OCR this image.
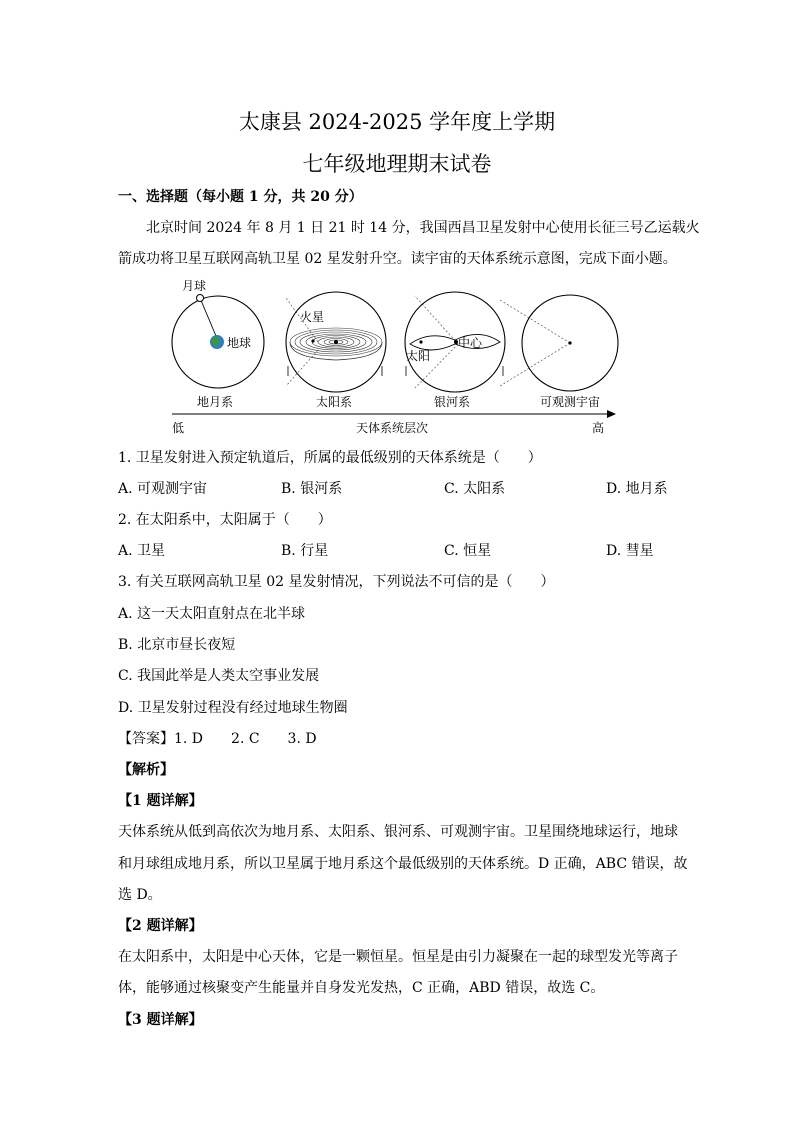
太康县 2024-2025 学年度上学期
七年级地理期末试卷
一、选择题（每小题 1 分，共 20 分）
北京时间 2024 年 8 月 1 日 21 时 14 分，我国西昌卫星发射中心使用长征三号乙运载火
箭成功将卫星互联网高轨卫星 02 星发射升空。读宇宙的天体系统示意图，完成下面小题。
月球
地球
火星
太阳
中心
地月系	太阳系	银河系	可观测宇宙
低	天体系统层次	高
1. 卫星发射进入预定轨道后，所属的最低级别的天体系统是（　　）
A. 可观测宇宙	B. 银河系	C. 太阳系	D. 地月系
2. 在太阳系中，太阳属于（　　）
A. 卫星	B. 行星	C. 恒星	D. 彗星
3. 有关互联网高轨卫星 02 星发射情况，下列说法不可信的是（　　）
A. 这一天太阳直射点在北半球
B. 北京市昼长夜短
C. 我国此举是人类太空事业发展
D. 卫星发射过程没有经过地球生物圈
【答案】1. D　　2. C　　3. D
【解析】
【1 题详解】
天体系统从低到高依次为地月系、太阳系、银河系、可观测宇宙。卫星围绕地球运行，地球
和月球组成地月系，所以卫星属于地月系这个最低级别的天体系统。D 正确，ABC 错误，故
选 D。
【2 题详解】
在太阳系中，太阳是中心天体，它是一颗恒星。恒星是由引力凝聚在一起的球型发光等离子
体，能够通过核聚变产生能量并自身发光发热，C 正确，ABD 错误，故选 C。
【3 题详解】
